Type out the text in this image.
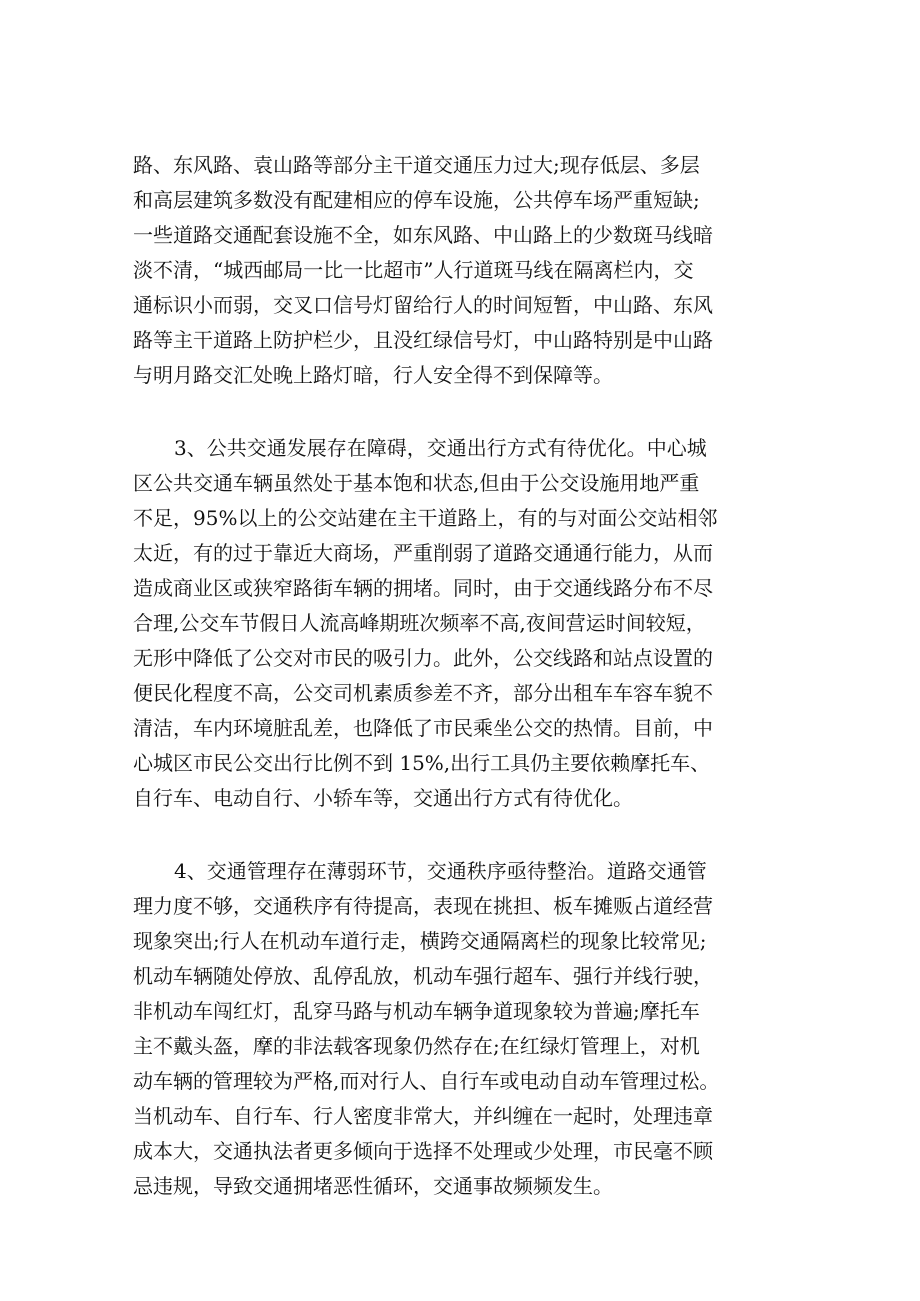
路、东风路、袁山路等部分主干道交通压力过大;现存低层、多层
和高层建筑多数没有配建相应的停车设施，公共停车场严重短缺;
一些道路交通配套设施不全，如东风路、中山路上的少数斑马线暗
淡不清，“城西邮局一比一比超市”人行道斑马线在隔离栏内，交
通标识小而弱，交叉口信号灯留给行人的时间短暂，中山路、东风
路等主干道路上防护栏少，且没红绿信号灯，中山路特别是中山路
与明月路交汇处晚上路灯暗，行人安全得不到保障等。
3、公共交通发展存在障碍，交通出行方式有待优化。中心城
区公共交通车辆虽然处于基本饱和状态,但由于公交设施用地严重
不足，95%以上的公交站建在主干道路上，有的与对面公交站相邻
太近，有的过于靠近大商场，严重削弱了道路交通通行能力，从而
造成商业区或狭窄路街车辆的拥堵。同时，由于交通线路分布不尽
合理,公交车节假日人流高峰期班次频率不高,夜间营运时间较短，
无形中降低了公交对市民的吸引力。此外，公交线路和站点设置的
便民化程度不高，公交司机素质参差不齐，部分出租车车容车貌不
清洁，车内环境脏乱差，也降低了市民乘坐公交的热情。目前，中
心城区市民公交出行比例不到 15%,出行工具仍主要依赖摩托车、
自行车、电动自行、小轿车等，交通出行方式有待优化。
4、交通管理存在薄弱环节，交通秩序亟待整治。道路交通管
理力度不够，交通秩序有待提高，表现在挑担、板车摊贩占道经营
现象突出;行人在机动车道行走，横跨交通隔离栏的现象比较常见;
机动车辆随处停放、乱停乱放，机动车强行超车、强行并线行驶，
非机动车闯红灯，乱穿马路与机动车辆争道现象较为普遍;摩托车
主不戴头盔，摩的非法载客现象仍然存在;在红绿灯管理上，对机
动车辆的管理较为严格,而对行人、自行车或电动自动车管理过松。
当机动车、自行车、行人密度非常大，并纠缠在一起时，处理违章
成本大，交通执法者更多倾向于选择不处理或少处理，市民毫不顾
忌违规，导致交通拥堵恶性循环，交通事故频频发生。
